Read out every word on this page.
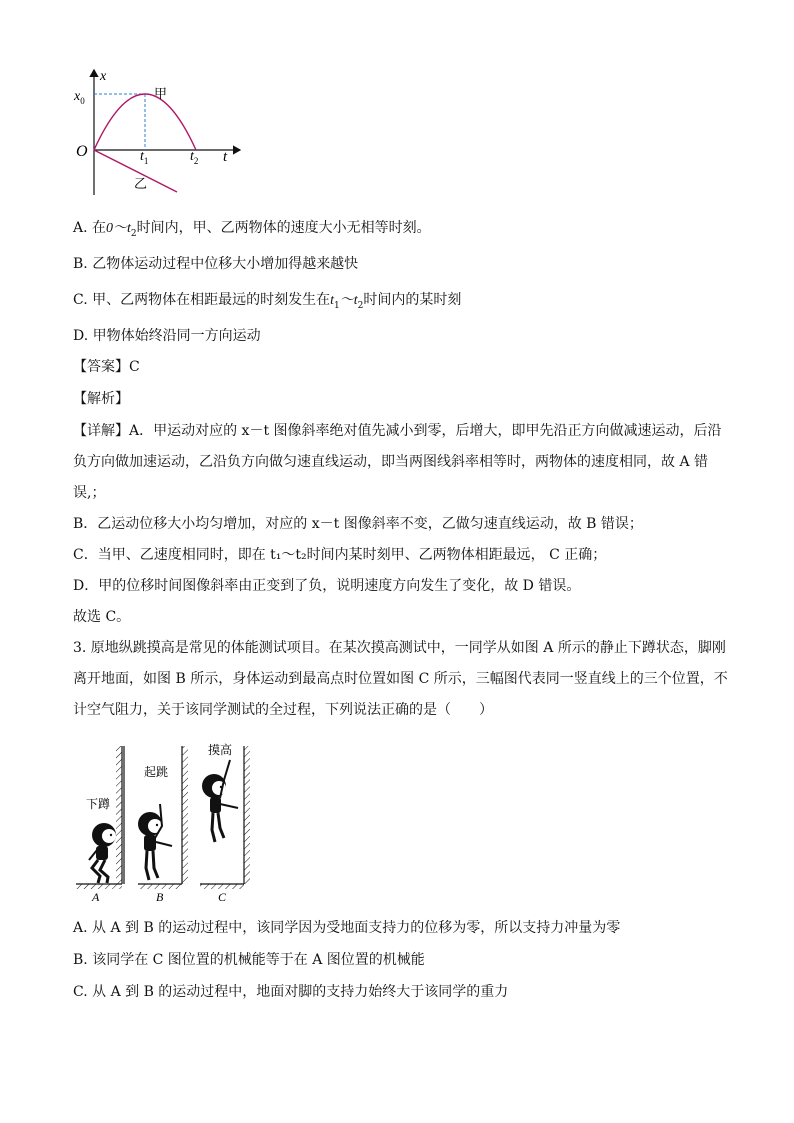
x
t
$x_0$
O	$t_1$	$t_2$
甲
乙
A. 在$0\sim t_2$时间内，甲、乙两物体的速度大小无相等时刻。
B. 乙物体运动过程中位移大小增加得越来越快
C. 甲、乙两物体在相距最远的时刻发生在$t_1\sim t_2$时间内的某时刻
D. 甲物体始终沿同一方向运动
【答案】C
【解析】
【详解】A．甲运动对应的 x－t 图像斜率绝对值先减小到零，后增大，即甲先沿正方向做减速运动，后沿
负方向做加速运动，乙沿负方向做匀速直线运动，即当两图线斜率相等时，两物体的速度相同，故 A 错
误,；
B．乙运动位移大小均匀增加，对应的 x－t 图像斜率不变，乙做匀速直线运动，故 B 错误；
C．当甲、乙速度相同时，即在 t₁～t₂时间内某时刻甲、乙两物体相距最远， C 正确；
D．甲的位移时间图像斜率由正变到了负，说明速度方向发生了变化，故 D 错误。
故选 C。
3. 原地纵跳摸高是常见的体能测试项目。在某次摸高测试中，一同学从如图 A 所示的静止下蹲状态，脚刚
离开地面，如图 B 所示，身体运动到最高点时位置如图 C 所示，三幅图代表同一竖直线上的三个位置，不
计空气阻力，关于该同学测试的全过程，下列说法正确的是（　　）
下蹲
起跳
摸高
A	B	C
A. 从 A 到 B 的运动过程中，该同学因为受地面支持力的位移为零，所以支持力冲量为零
B. 该同学在 C 图位置的机械能等于在 A 图位置的机械能
C. 从 A 到 B 的运动过程中，地面对脚的支持力始终大于该同学的重力
